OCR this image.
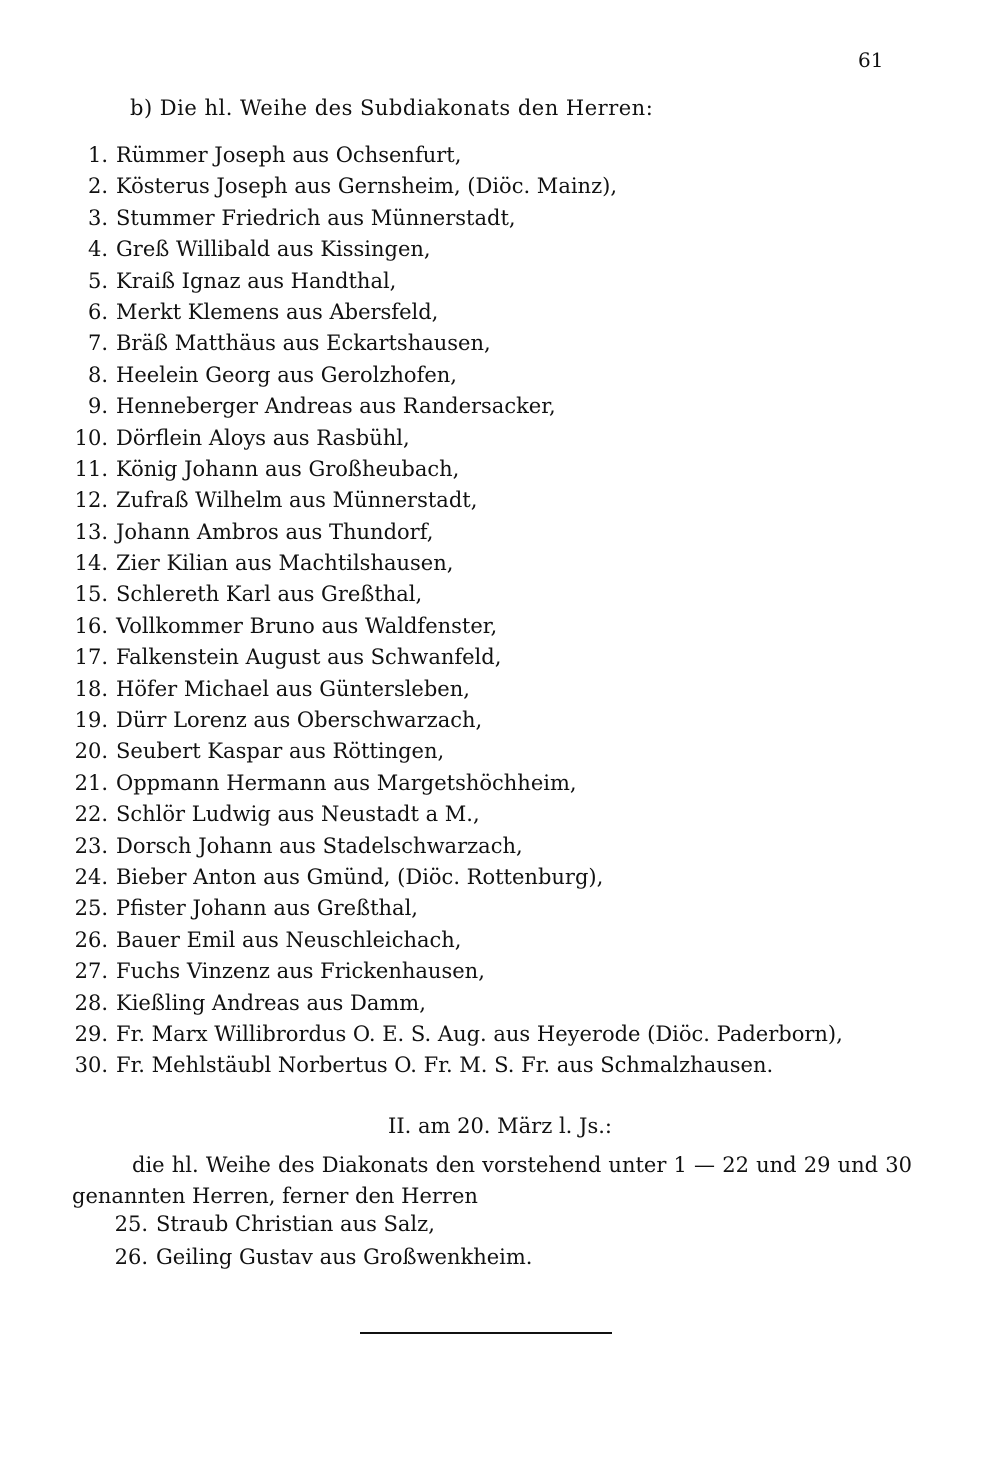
61
b) Die hl. Weihe des Subdiakonats den Herren:
1. Rümmer Joseph aus Ochsenfurt,
2. Kösterus Joseph aus Gernsheim, (Diöc. Mainz),
3. Stummer Friedrich aus Münnerstadt,
4. Greß Willibald aus Kissingen,
5. Kraiß Ignaz aus Handthal,
6. Merkt Klemens aus Abersfeld,
7. Bräß Matthäus aus Eckartshausen,
8. Heelein Georg aus Gerolzhofen,
9. Henneberger Andreas aus Randersacker,
10. Dörflein Aloys aus Rasbühl,
11. König Johann aus Großheubach,
12. Zufraß Wilhelm aus Münnerstadt,
13. Johann Ambros aus Thundorf,
14. Zier Kilian aus Machtilshausen,
15. Schlereth Karl aus Greßthal,
16. Vollkommer Bruno aus Waldfenster,
17. Falkenstein August aus Schwanfeld,
18. Höfer Michael aus Güntersleben,
19. Dürr Lorenz aus Oberschwarzach,
20. Seubert Kaspar aus Röttingen,
21. Oppmann Hermann aus Margetshöchheim,
22. Schlör Ludwig aus Neustadt a M.,
23. Dorsch Johann aus Stadelschwarzach,
24. Bieber Anton aus Gmünd, (Diöc. Rottenburg),
25. Pfister Johann aus Greßthal,
26. Bauer Emil aus Neuschleichach,
27. Fuchs Vinzenz aus Frickenhausen,
28. Kießling Andreas aus Damm,
29. Fr. Marx Willibrordus O. E. S. Aug. aus Heyerode (Diöc. Paderborn),
30. Fr. Mehlstäubl Norbertus O. Fr. M. S. Fr. aus Schmalzhausen.
II. am 20. März l. Js.:
die hl. Weihe des Diakonats den vorstehend unter 1 — 22 und 29 und 30 genannten Herren, ferner den Herren
25. Straub Christian aus Salz,
26. Geiling Gustav aus Großwenkheim.
